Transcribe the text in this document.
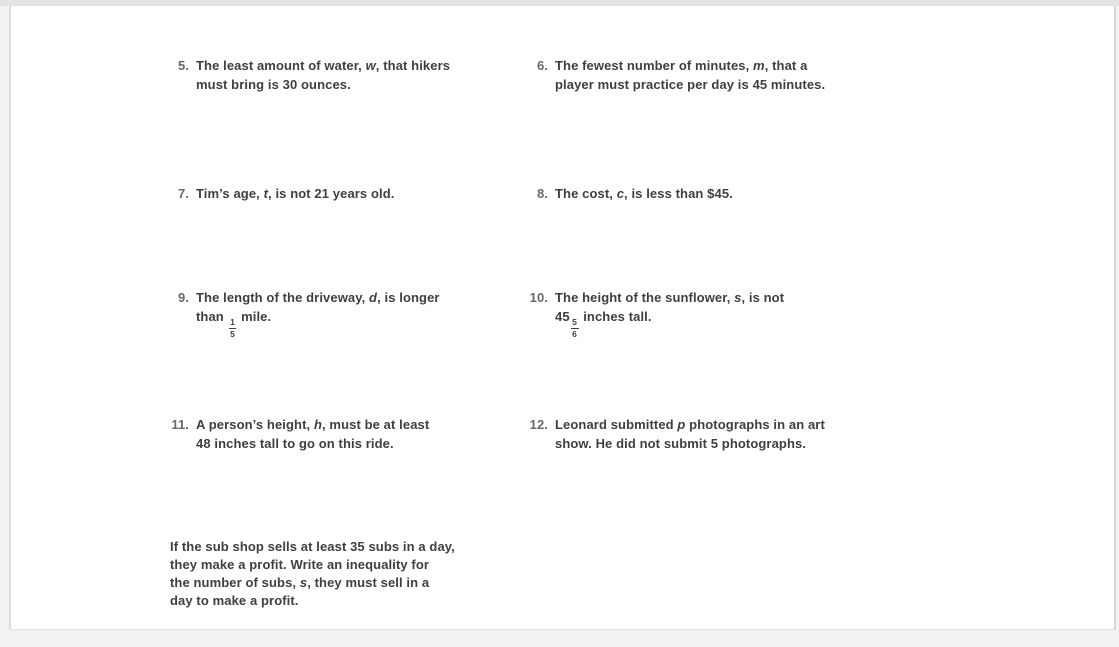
5. The least amount of water, w, that hikers
must bring is 30 ounces.
6. The fewest number of minutes, m, that a
player must practice per day is 45 minutes.
7. Tim’s age, t, is not 21 years old.	8. The cost, c, is less than $45.
9. The length of the driveway, d, is longer
than
$\frac{1}{5}$
mile.
10. The height of the sunflower, s, is not
45
$\frac{5}{6}$
inches tall.
11. A person’s height, h, must be at least
48 inches tall to go on this ride.
12. Leonard submitted p photographs in an art
show. He did not submit 5 photographs.
If the sub shop sells at least 35 subs in a day,
they make a profit. Write an inequality for
the number of subs, s, they must sell in a
day to make a profit.
